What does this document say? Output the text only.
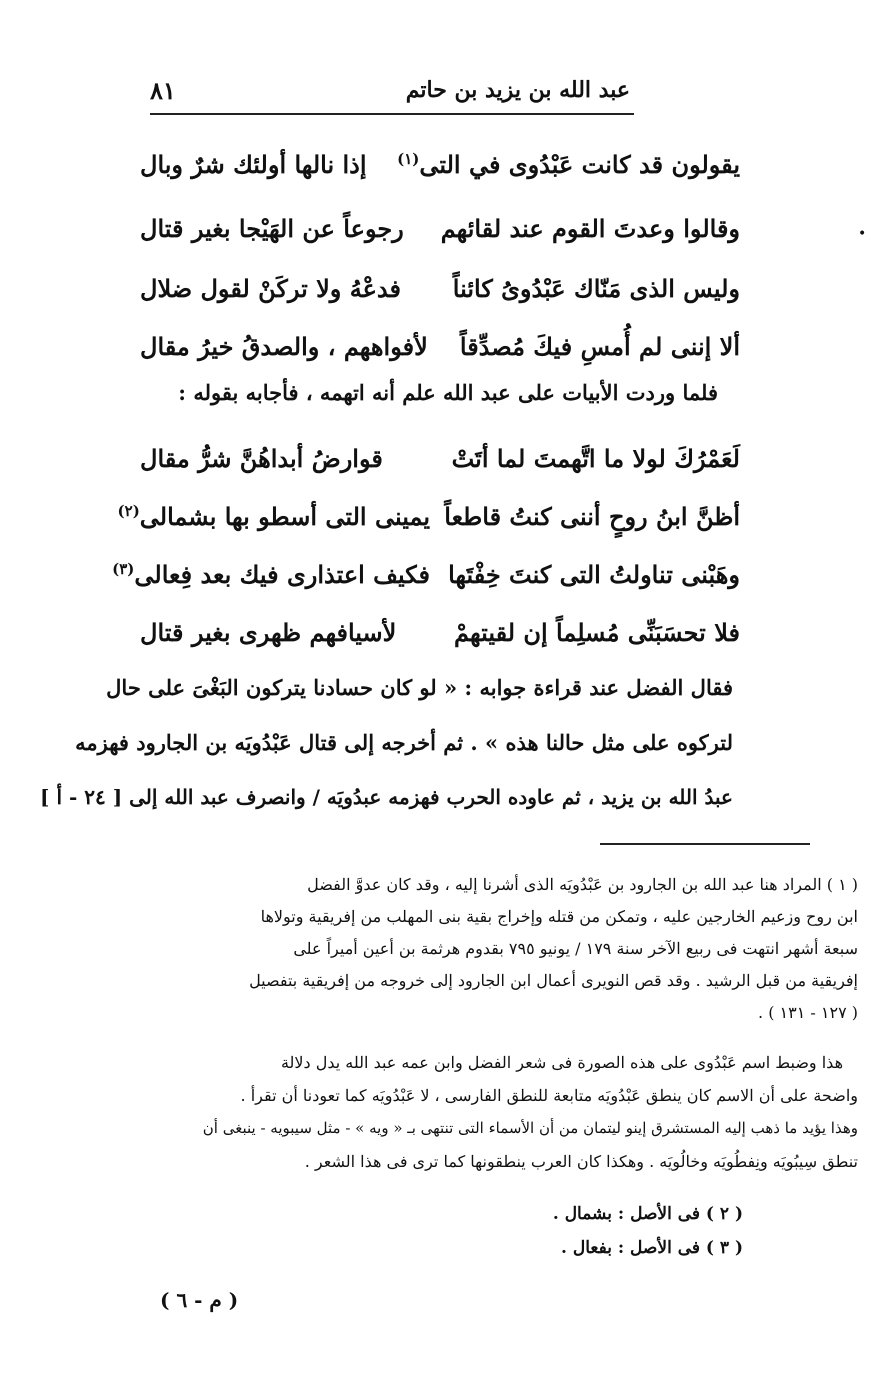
عبد الله بن يزيد بن حاتم
٨١
يقولون قد كانت عَبْدُوى في التى$^{(١)}$
إذا نالها أولئك شرٌ وبال
وقالوا وعدتَ القوم عند لقائهم
رجوعاً عن الهَيْجا بغير قتال
وليس الذى مَنّاك عَبْدُوىُ كائناً
فدعْهُ ولا تركَنْ لقول ضلال
ألا إننى لم أُمسِ فيكَ مُصدِّقاً
لأفواههم ، والصدقُ خيرُ مقال
•
فلما وردت الأبيات على عبد الله علم أنه اتهمه ، فأجابه بقوله :
لَعَمْرُكَ لولا ما اتَّهمتَ لما أتَتْ
قوارضُ أبداهُنَّ شرُّ مقال
أظنَّ ابنُ روحٍ أننى كنتُ قاطعاً
يمينى التى أسطو بها بشمالى$^{(٢)}$
وهَبْنى تناولتُ التى كنتَ خِفْتَها
فكيف اعتذارى فيك بعد فِعالى$^{(٣)}$
فلا تحسَبَنِّى مُسلِماً إن لقيتهمْ
لأسيافهم ظهرى بغير قتال
فقال الفضل عند قراءة جوابه : « لو كان حسادنا يتركون البَغْىَ على حال
لتركوه على مثل حالنا هذه » . ثم أخرجه إلى قتال عَبْدُويَه بن الجارود فهزمه
عبدُ الله بن يزيد ، ثم عاوده الحرب فهزمه عبدُويَه / وانصرف عبد الله إلى [ ٢٤ - أ ]
( ١ ) المراد هنا عبد الله بن الجارود بن عَبْدُويَه الذى أشرنا إليه ، وقد كان عدوَّ الفضل
ابن روح وزعيم الخارجين عليه ، وتمكن من قتله وإخراج بقية بنى المهلب من إفريقية وتولاها
سبعة أشهر انتهت فى ربيع الآخر سنة ١٧٩ / يونيو ٧٩٥ بقدوم هرثمة بن أعين أميراً على
إفريقية من قبل الرشيد . وقد قص النويرى أعمال ابن الجارود إلى خروجه من إفريقية بتفصيل
( ١٢٧ - ١٣١ ) .
هذا وضبط اسم عَبْدُوى على هذه الصورة فى شعر الفضل وابن عمه عبد الله يدل دلالة
واضحة على أن الاسم كان ينطق عَبْدُويَه متابعة للنطق الفارسى ، لا عَبْدُويَه كما تعودنا أن تقرأ .
وهذا يؤيد ما ذهب إليه المستشرق إينو ليتمان من أن الأسماء التى تنتهى بـ « ويه » - مثل سيبويه - ينبغى أن
تنطق سِيبُويَه ونِفطُويَه وخالُويَه . وهكذا كان العرب ينطقونها كما ترى فى هذا الشعر .
( ٢ ) فى الأصل : بشمال .
( ٣ ) فى الأصل : بفعال .
( م - ٦ )
